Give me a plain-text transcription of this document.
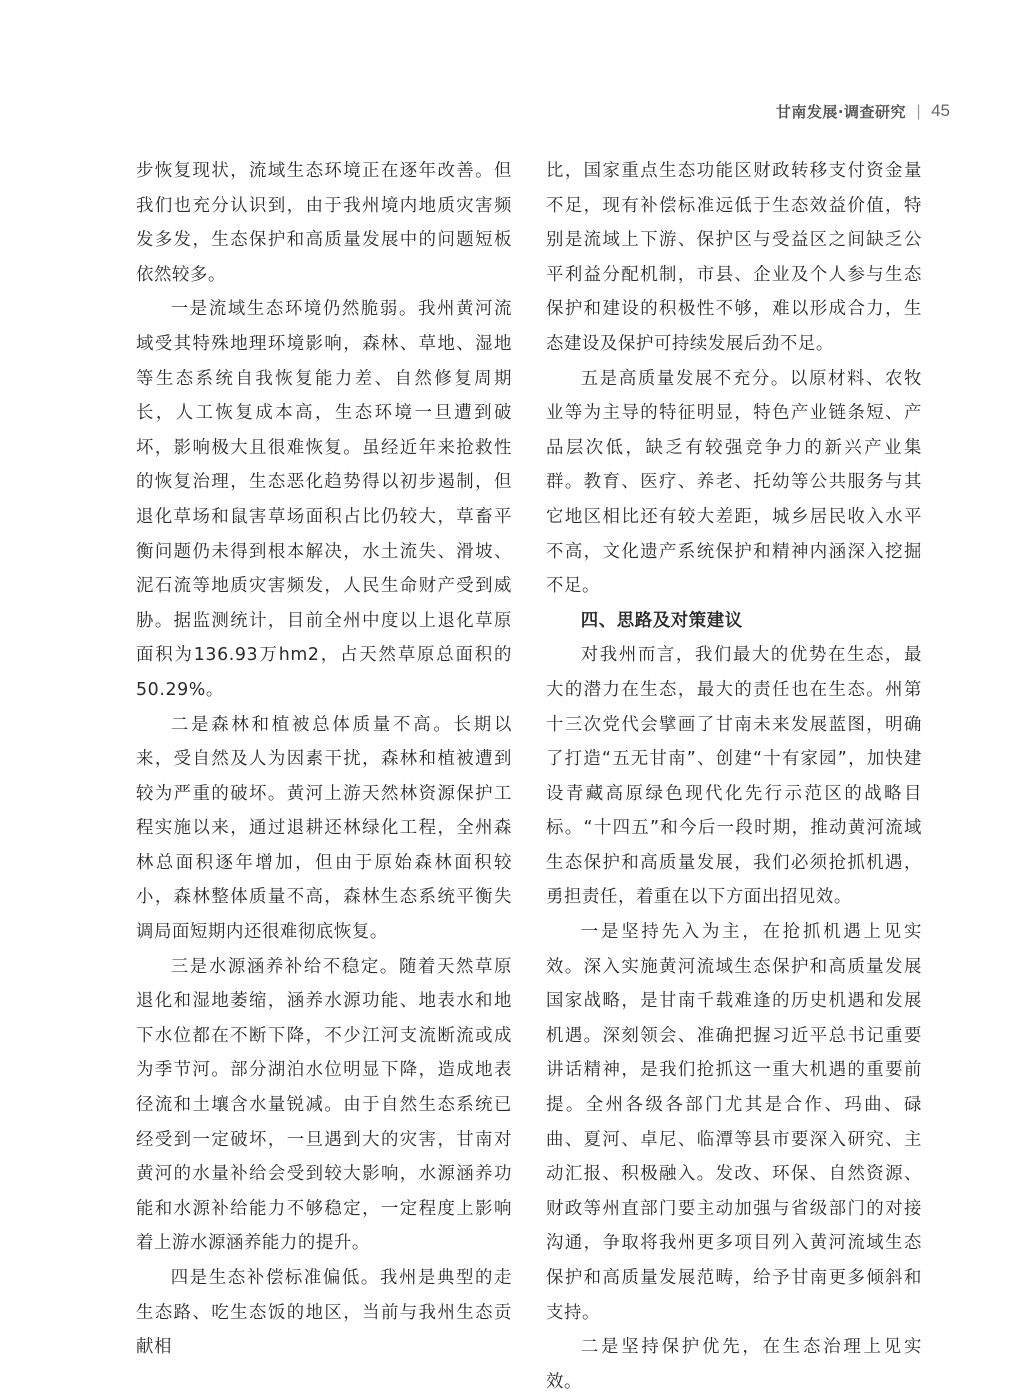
甘南发展·调查研究 | 45

步恢复现状，流域生态环境正在逐年改善。但我们也充分认识到，由于我州境内地质灾害频发多发，生态保护和高质量发展中的问题短板依然较多。

一是流域生态环境仍然脆弱。我州黄河流域受其特殊地理环境影响，森林、草地、湿地等生态系统自我恢复能力差、自然修复周期长，人工恢复成本高，生态环境一旦遭到破坏，影响极大且很难恢复。虽经近年来抢救性的恢复治理，生态恶化趋势得以初步遏制，但退化草场和鼠害草场面积占比仍较大，草畜平衡问题仍未得到根本解决，水土流失、滑坡、泥石流等地质灾害频发，人民生命财产受到威胁。据监测统计，目前全州中度以上退化草原面积为136.93万hm2，占天然草原总面积的50.29%。

二是森林和植被总体质量不高。长期以来，受自然及人为因素干扰，森林和植被遭到较为严重的破坏。黄河上游天然林资源保护工程实施以来，通过退耕还林绿化工程，全州森林总面积逐年增加，但由于原始森林面积较小，森林整体质量不高，森林生态系统平衡失调局面短期内还很难彻底恢复。

三是水源涵养补给不稳定。随着天然草原退化和湿地萎缩，涵养水源功能、地表水和地下水位都在不断下降，不少江河支流断流或成为季节河。部分湖泊水位明显下降，造成地表径流和土壤含水量锐减。由于自然生态系统已经受到一定破坏，一旦遇到大的灾害，甘南对黄河的水量补给会受到较大影响，水源涵养功能和水源补给能力不够稳定，一定程度上影响着上游水源涵养能力的提升。

四是生态补偿标准偏低。我州是典型的走生态路、吃生态饭的地区，当前与我州生态贡献相

比，国家重点生态功能区财政转移支付资金量不足，现有补偿标准远低于生态效益价值，特别是流域上下游、保护区与受益区之间缺乏公平利益分配机制，市县、企业及个人参与生态保护和建设的积极性不够，难以形成合力，生态建设及保护可持续发展后劲不足。

五是高质量发展不充分。以原材料、农牧业等为主导的特征明显，特色产业链条短、产品层次低，缺乏有较强竞争力的新兴产业集群。教育、医疗、养老、托幼等公共服务与其它地区相比还有较大差距，城乡居民收入水平不高，文化遗产系统保护和精神内涵深入挖掘不足。

四、思路及对策建议

对我州而言，我们最大的优势在生态，最大的潜力在生态，最大的责任也在生态。州第十三次党代会擘画了甘南未来发展蓝图，明确了打造“五无甘南”、创建“十有家园”，加快建设青藏高原绿色现代化先行示范区的战略目标。“十四五”和今后一段时期，推动黄河流域生态保护和高质量发展，我们必须抢抓机遇，勇担责任，着重在以下方面出招见效。

一是坚持先入为主，在抢抓机遇上见实效。深入实施黄河流域生态保护和高质量发展国家战略，是甘南千载难逢的历史机遇和发展机遇。深刻领会、准确把握习近平总书记重要讲话精神，是我们抢抓这一重大机遇的重要前提。全州各级各部门尤其是合作、玛曲、碌曲、夏河、卓尼、临潭等县市要深入研究、主动汇报、积极融入。发改、环保、自然资源、财政等州直部门要主动加强与省级部门的对接沟通，争取将我州更多项目列入黄河流域生态保护和高质量发展范畴，给予甘南更多倾斜和支持。

二是坚持保护优先，在生态治理上见实效。
